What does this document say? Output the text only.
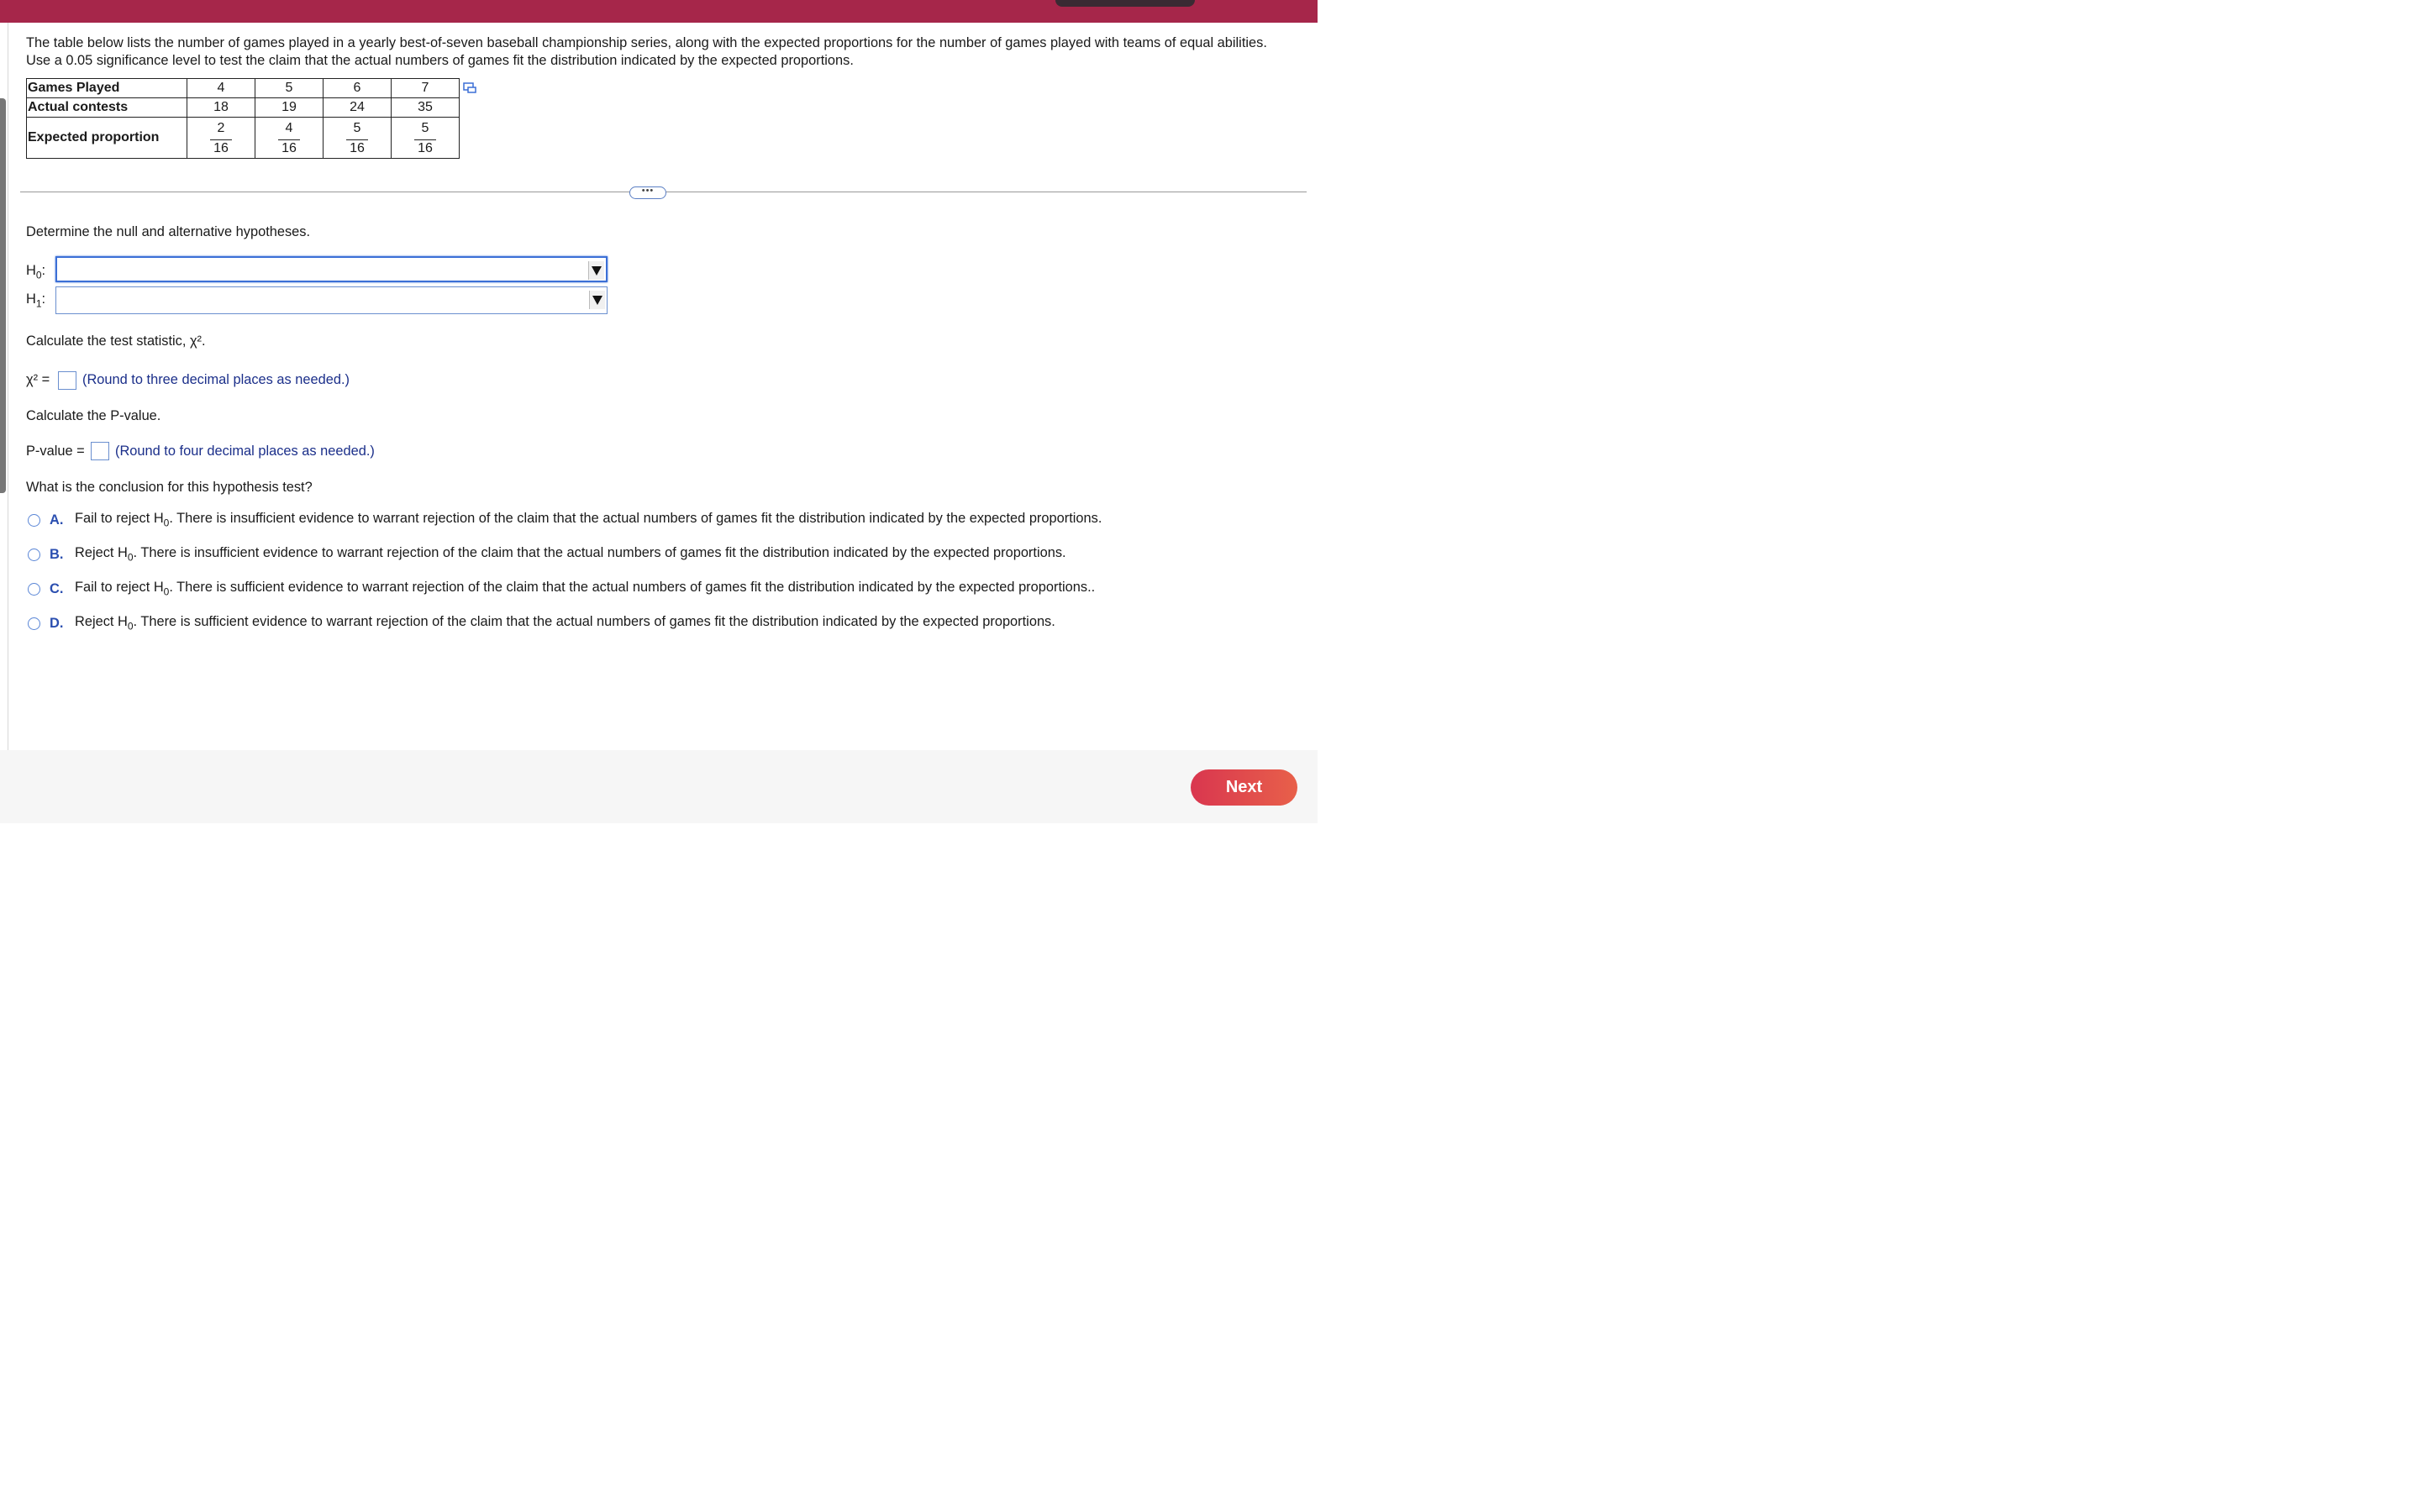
The table below lists the number of games played in a yearly best-of-seven baseball championship series, along with the expected proportions for the number of games played with teams of equal abilities. Use a 0.05 significance level to test the claim that the actual numbers of games fit the distribution indicated by the expected proportions.
Games Played	4	5	6	7
Actual contests	18	19	24	35
Expected proportion	$\frac{2}{16}$	$\frac{4}{16}$	$\frac{5}{16}$	$\frac{5}{16}$
•••
Determine the null and alternative hypotheses.
$H_0$:
$H_1$:
Calculate the test statistic, χ².
χ² = (Round to three decimal places as needed.)
Calculate the P-value.
P-value = (Round to four decimal places as needed.)
What is the conclusion for this hypothesis test?
A. Fail to reject $H_0$. There is insufficient evidence to warrant rejection of the claim that the actual numbers of games fit the distribution indicated by the expected proportions.
B. Reject $H_0$. There is insufficient evidence to warrant rejection of the claim that the actual numbers of games fit the distribution indicated by the expected proportions.
C. Fail to reject $H_0$. There is sufficient evidence to warrant rejection of the claim that the actual numbers of games fit the distribution indicated by the expected proportions..
D. Reject $H_0$. There is sufficient evidence to warrant rejection of the claim that the actual numbers of games fit the distribution indicated by the expected proportions.
Next
